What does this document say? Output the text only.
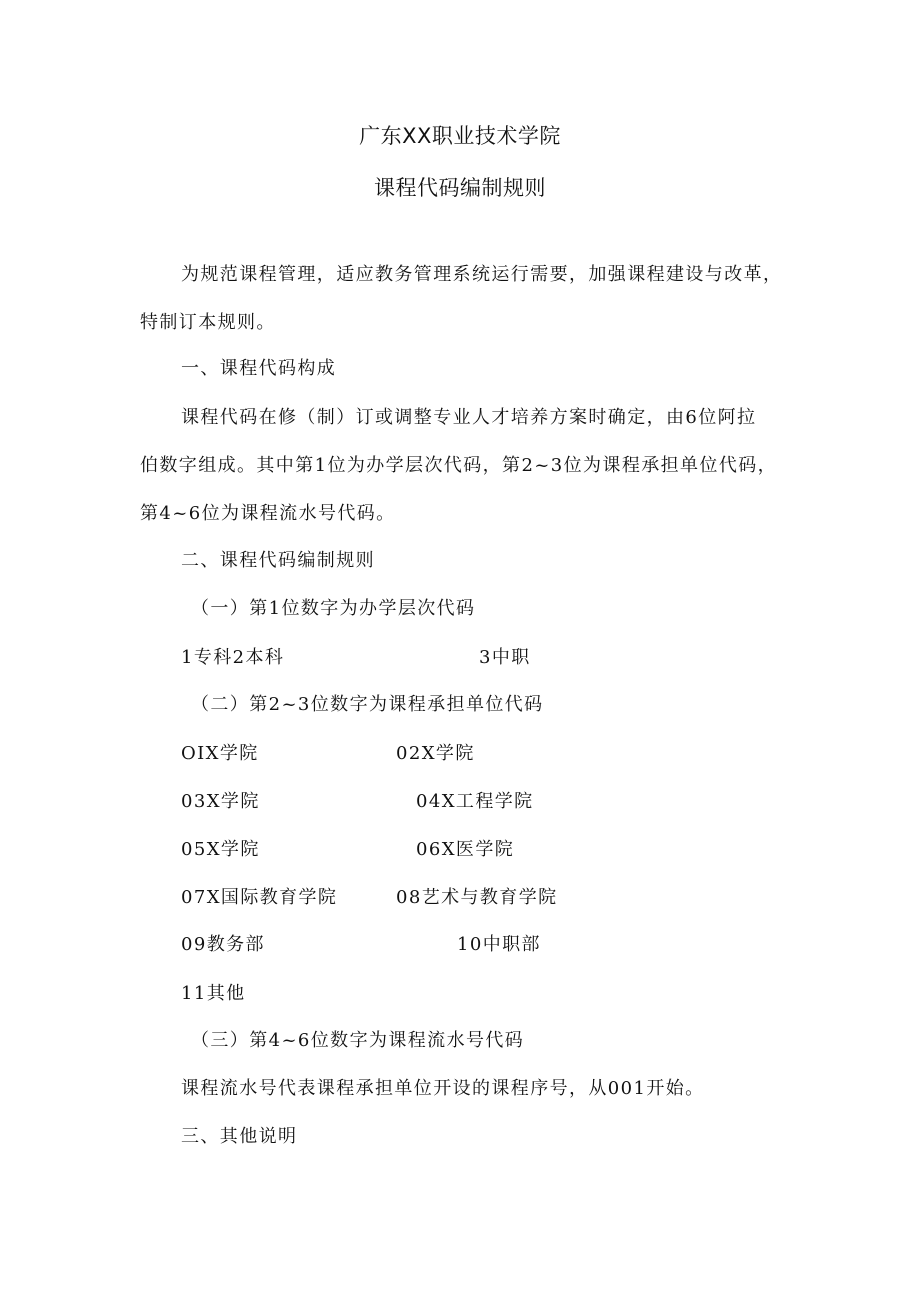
广东XX职业技术学院
课程代码编制规则
为规范课程管理，适应教务管理系统运行需要，加强课程建设与改革，
特制订本规则。
一、课程代码构成
课程代码在修（制）订或调整专业人才培养方案时确定，由6位阿拉
伯数字组成。其中第1位为办学层次代码，第2~3位为课程承担单位代码，
第4~6位为课程流水号代码。
二、课程代码编制规则
（一）第1位数字为办学层次代码
1专科2本科	3中职
（二）第2~3位数字为课程承担单位代码
OIX学院	02X学院
03X学院	04X工程学院
05X学院	06X医学院
07X国际教育学院	08艺术与教育学院
09教务部	10中职部
11其他
（三）第4~6位数字为课程流水号代码
课程流水号代表课程承担单位开设的课程序号，从001开始。
三、其他说明
